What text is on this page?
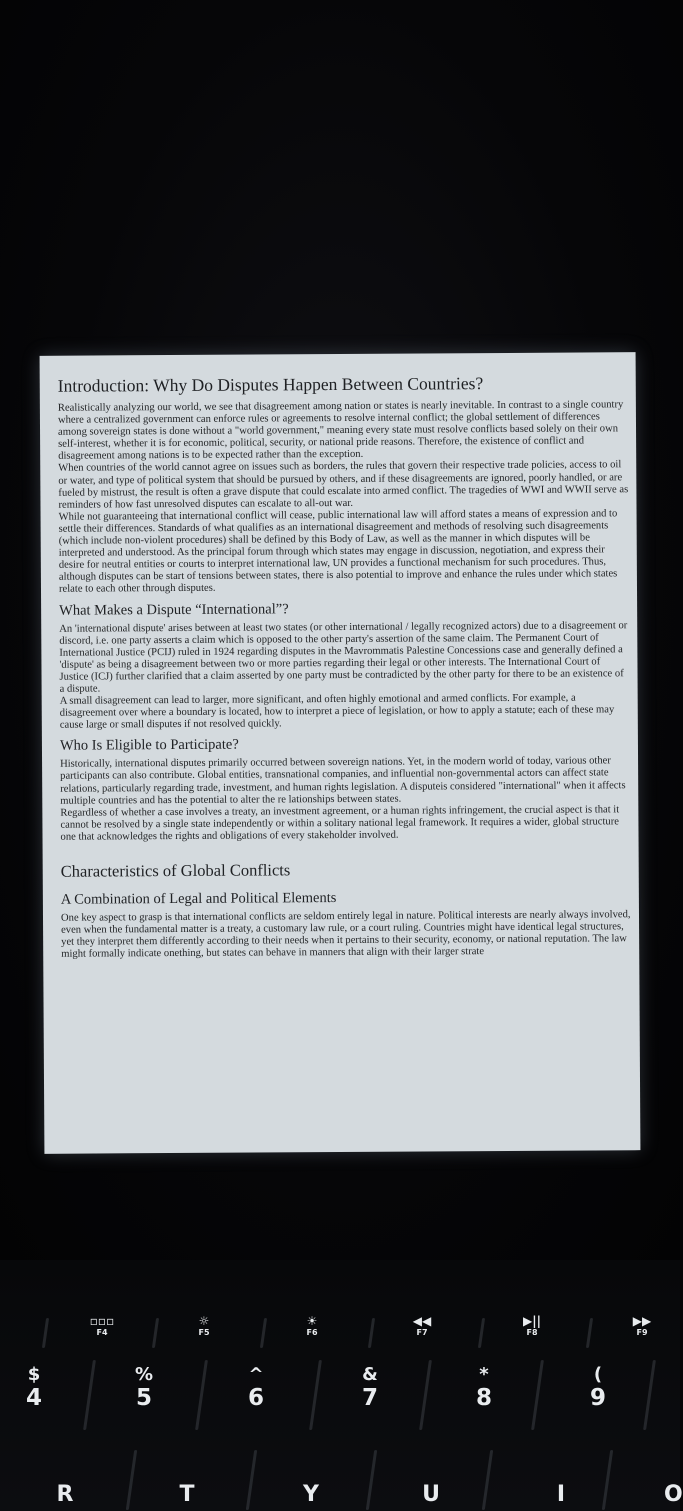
Introduction: Why Do Disputes Happen Between Countries?

Realistically analyzing our world, we see that disagreement among nation or states is nearly inevitable. In contrast to a single country where a centralized government can enforce rules or agreements to resolve internal conflict; the global settlement of differences among sovereign states is done without a "world government," meaning every state must resolve conflicts based solely on their own self-interest, whether it is for economic, political, security, or national pride reasons. Therefore, the existence of conflict and disagreement among nations is to be expected rather than the exception.

When countries of the world cannot agree on issues such as borders, the rules that govern their respective trade policies, access to oil or water, and type of political system that should be pursued by others, and if these disagreements are ignored, poorly handled, or are fueled by mistrust, the result is often a grave dispute that could escalate into armed conflict. The tragedies of WWI and WWII serve as reminders of how fast unresolved disputes can escalate to all-out war.

While not guaranteeing that international conflict will cease, public international law will afford states a means of expression and to settle their differences. Standards of what qualifies as an international disagreement and methods of resolving such disagreements (which include non-violent procedures) shall be defined by this Body of Law, as well as the manner in which disputes will be interpreted and understood. As the principal forum through which states may engage in discussion, negotiation, and express their desire for neutral entities or courts to interpret international law, UN provides a functional mechanism for such procedures. Thus, although disputes can be start of tensions between states, there is also potential to improve and enhance the rules under which states relate to each other through disputes.

What Makes a Dispute “International”?

An 'international dispute' arises between at least two states (or other international / legally recognized actors) due to a disagreement or discord, i.e. one party asserts a claim which is opposed to the other party's assertion of the same claim. The Permanent Court of International Justice (PCIJ) ruled in 1924 regarding disputes in the Mavrommatis Palestine Concessions case and generally defined a 'dispute' as being a disagreement between two or more parties regarding their legal or other interests. The International Court of Justice (ICJ) further clarified that a claim asserted by one party must be contradicted by the other party for there to be an existence of a dispute.

A small disagreement can lead to larger, more significant, and often highly emotional and armed conflicts. For example, a disagreement over where a boundary is located, how to interpret a piece of legislation, or how to apply a statute; each of these may cause large or small disputes if not resolved quickly.

Who Is Eligible to Participate?

Historically, international disputes primarily occurred between sovereign nations. Yet, in the modern world of today, various other participants can also contribute. Global entities, transnational companies, and influential non-governmental actors can affect state relations, particularly regarding trade, investment, and human rights legislation. A disputeis considered "international" when it affects multiple countries and has the potential to alter the re lationships between states.

Regardless of whether a case involves a treaty, an investment agreement, or a human rights infringement, the crucial aspect is that it cannot be resolved by a single state independently or within a solitary national legal framework. It requires a wider, global structure one that acknowledges the rights and obligations of every stakeholder involved.

Characteristics of Global Conflicts
A Combination of Legal and Political Elements

One key aspect to grasp is that international conflicts are seldom entirely legal in nature. Political interests are nearly always involved, even when the fundamental matter is a treaty, a customary law rule, or a court ruling. Countries might have identical legal structures, yet they interpret them differently according to their needs when it pertains to their security, economy, or national reputation. The law might formally indicate onething, but states can behave in manners that align with their larger strate

▫▫▫
F4
☼
F5
☀
F6
◀◀
F7
▶||
F8
▶▶
F9
$
4
%
5
^
6
&
7
*
8
(
9
R	T	Y	U	I	O
